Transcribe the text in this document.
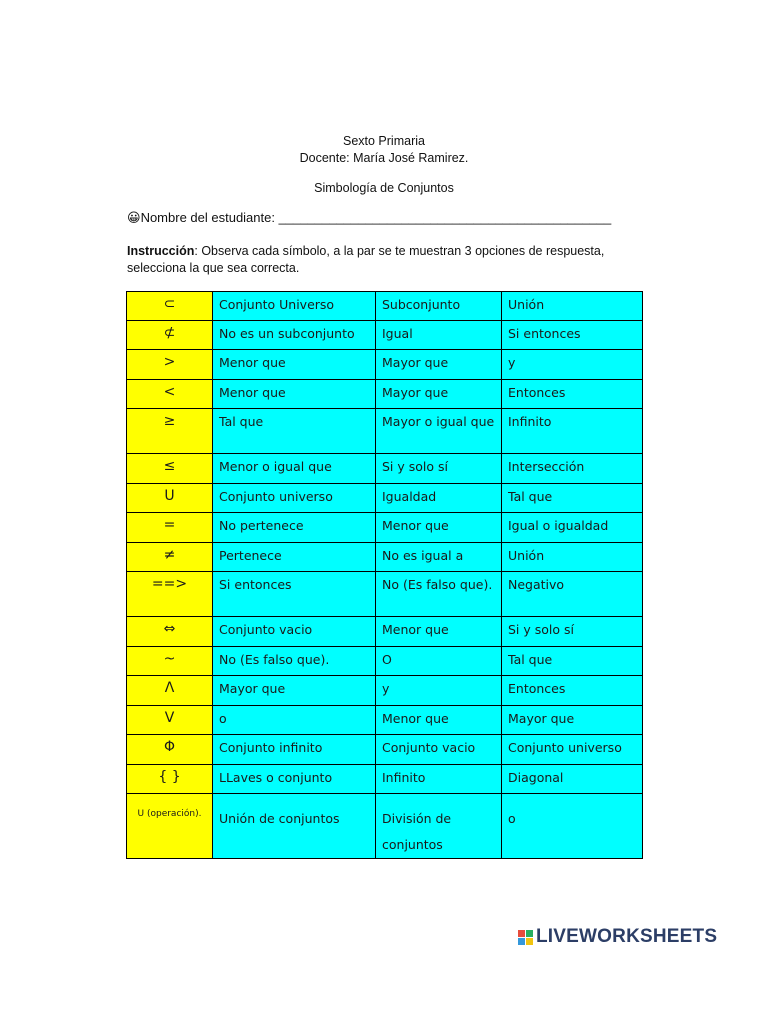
Sexto Primaria
Docente: María José Ramirez.
Simbología de Conjuntos
😀Nombre del estudiante: ______________________________________________
Instrucción: Observa cada símbolo, a la par se te muestran 3 opciones de respuesta, selecciona la que sea correcta.
⊂	Conjunto Universo	Subconjunto	Unión
⊄	No es un subconjunto	Igual	Si entonces
>	Menor que	Mayor que	y
<	Menor que	Mayor que	Entonces
≥	Tal que	Mayor o igual que	Infinito
≤	Menor o igual que	Si y solo sí	Intersección
U	Conjunto universo	Igualdad	Tal que
=	No pertenece	Menor que	Igual o igualdad
≠	Pertenece	No es igual a	Unión
==>	Si entonces	No (Es falso que).	Negativo
⇔	Conjunto vacio	Menor que	Si y solo sí
~	No (Es falso que).	O	Tal que
Λ	Mayor que	y	Entonces
V	o	Menor que	Mayor que
Φ	Conjunto infinito	Conjunto vacio	Conjunto universo
{ }	LLaves o conjunto	Infinito	Diagonal
U (operación).	Unión de conjuntos	División de conjuntos	o
LIVEWORKSHEETS
